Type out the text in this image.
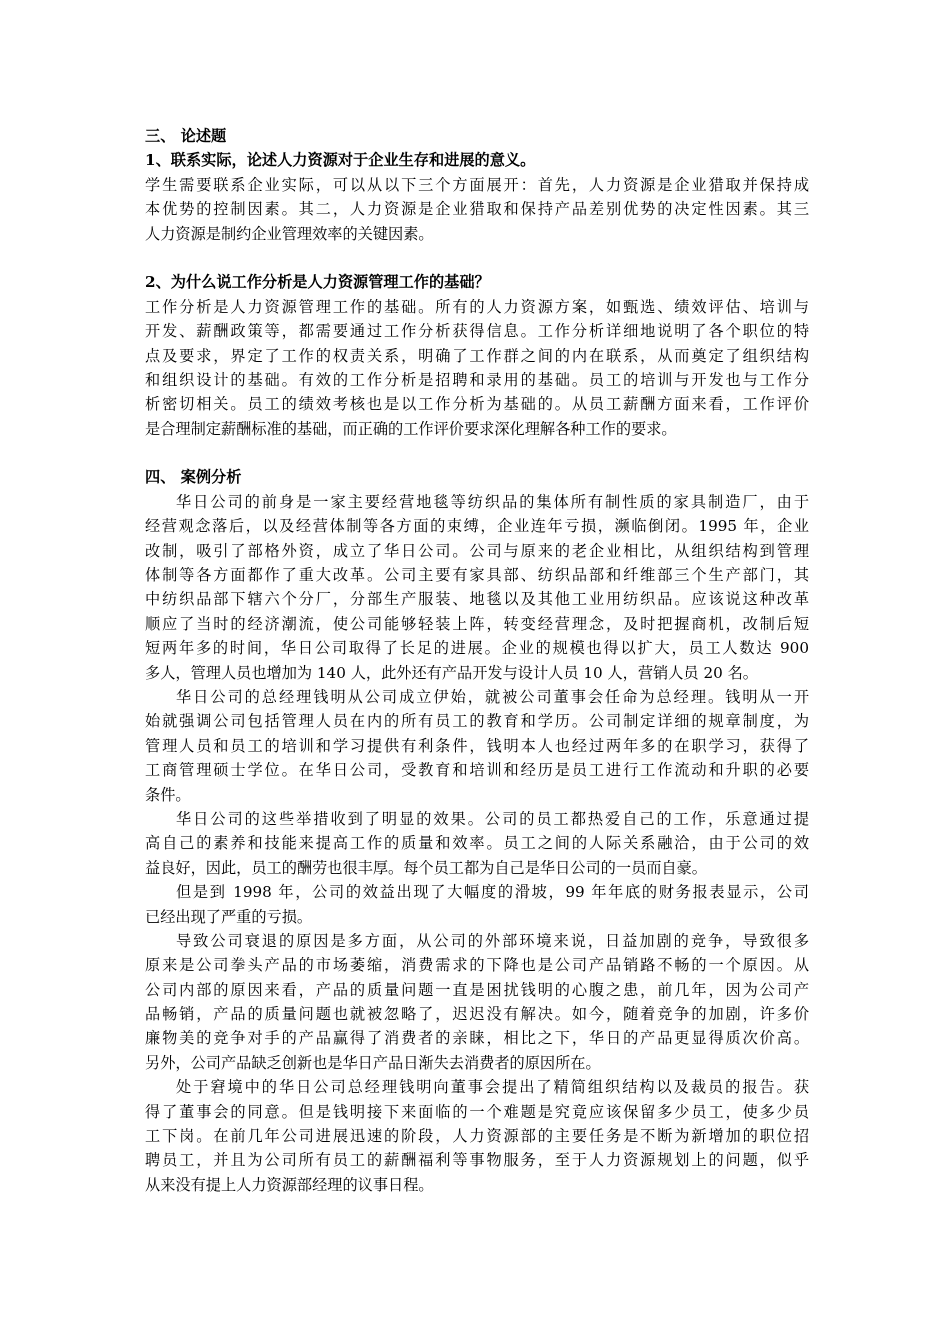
三、 论述题
1、联系实际，论述人力资源对于企业生存和进展的意义。
学生需要联系企业实际，可以从以下三个方面展开：首先，人力资源是企业猎取并保持成
本优势的控制因素。其二，人力资源是企业猎取和保持产品差别优势的决定性因素。其三
人力资源是制约企业管理效率的关键因素。
2、为什么说工作分析是人力资源管理工作的基础？
工作分析是人力资源管理工作的基础。所有的人力资源方案，如甄选、绩效评估、培训与
开发、薪酬政策等，都需要通过工作分析获得信息。工作分析详细地说明了各个职位的特
点及要求，界定了工作的权责关系，明确了工作群之间的内在联系，从而奠定了组织结构
和组织设计的基础。有效的工作分析是招聘和录用的基础。员工的培训与开发也与工作分
析密切相关。员工的绩效考核也是以工作分析为基础的。从员工薪酬方面来看，工作评价
是合理制定薪酬标准的基础，而正确的工作评价要求深化理解各种工作的要求。
四、 案例分析
华日公司的前身是一家主要经营地毯等纺织品的集体所有制性质的家具制造厂，由于
经营观念落后，以及经营体制等各方面的束缚，企业连年亏损，濒临倒闭。1995 年，企业
改制，吸引了部格外资，成立了华日公司。公司与原来的老企业相比，从组织结构到管理
体制等各方面都作了重大改革。公司主要有家具部、纺织品部和纤维部三个生产部门，其
中纺织品部下辖六个分厂，分部生产服装、地毯以及其他工业用纺织品。应该说这种改革
顺应了当时的经济潮流，使公司能够轻装上阵，转变经营理念，及时把握商机，改制后短
短两年多的时间，华日公司取得了长足的进展。企业的规模也得以扩大，员工人数达 900
多人，管理人员也增加为 140 人，此外还有产品开发与设计人员 10 人，营销人员 20 名。
华日公司的总经理钱明从公司成立伊始，就被公司董事会任命为总经理。钱明从一开
始就强调公司包括管理人员在内的所有员工的教育和学历。公司制定详细的规章制度，为
管理人员和员工的培训和学习提供有利条件，钱明本人也经过两年多的在职学习，获得了
工商管理硕士学位。在华日公司，受教育和培训和经历是员工进行工作流动和升职的必要
条件。
华日公司的这些举措收到了明显的效果。公司的员工都热爱自己的工作，乐意通过提
高自己的素养和技能来提高工作的质量和效率。员工之间的人际关系融洽，由于公司的效
益良好，因此，员工的酬劳也很丰厚。每个员工都为自己是华日公司的一员而自豪。
但是到 1998 年，公司的效益出现了大幅度的滑坡，99 年年底的财务报表显示，公司
已经出现了严重的亏损。
导致公司衰退的原因是多方面，从公司的外部环境来说，日益加剧的竞争，导致很多
原来是公司拳头产品的市场萎缩，消费需求的下降也是公司产品销路不畅的一个原因。从
公司内部的原因来看，产品的质量问题一直是困扰钱明的心腹之患，前几年，因为公司产
品畅销，产品的质量问题也就被忽略了，迟迟没有解决。如今，随着竞争的加剧，许多价
廉物美的竞争对手的产品赢得了消费者的亲睐，相比之下，华日的产品更显得质次价高。
另外，公司产品缺乏创新也是华日产品日渐失去消费者的原因所在。
处于窘境中的华日公司总经理钱明向董事会提出了精简组织结构以及裁员的报告。获
得了董事会的同意。但是钱明接下来面临的一个难题是究竟应该保留多少员工，使多少员
工下岗。在前几年公司进展迅速的阶段，人力资源部的主要任务是不断为新增加的职位招
聘员工，并且为公司所有员工的薪酬福利等事物服务，至于人力资源规划上的问题，似乎
从来没有提上人力资源部经理的议事日程。
